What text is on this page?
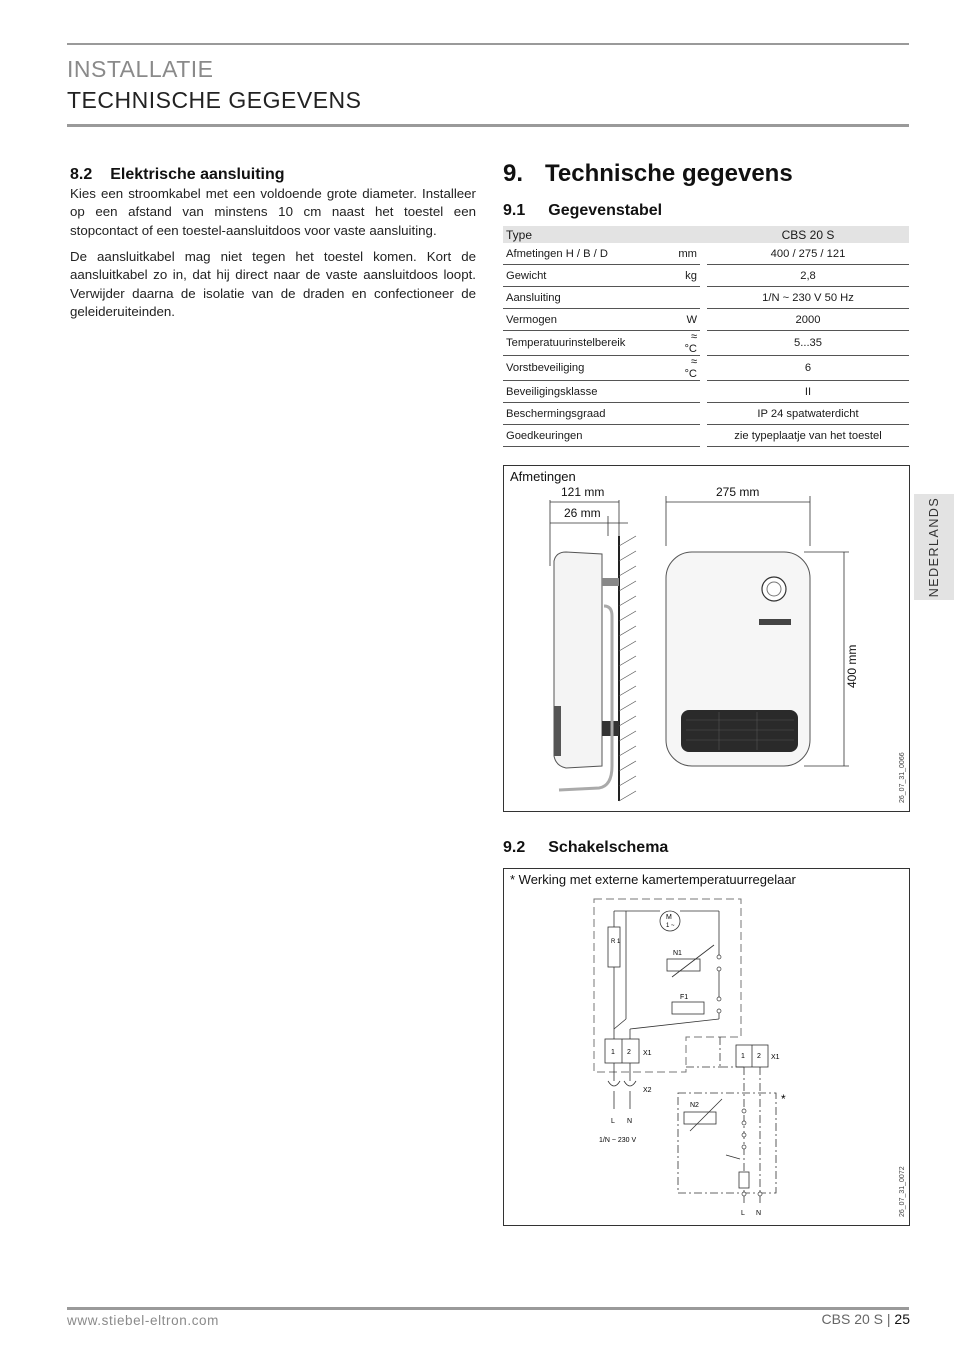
INSTALLATIE
TECHNISCHE GEGEVENS
8.2 Elektrische aansluiting
Kies een stroomkabel met een voldoende grote diameter. Installeer op een afstand van minstens 10 cm naast het toestel een stopcontact of een toestel-aansluitdoos voor vaste aansluiting.
De aansluitkabel mag niet tegen het toestel komen. Kort de aansluitkabel zo in, dat hij direct naar de vaste aansluitdoos loopt. Verwijder daarna de isolatie van de draden en confectioneer de geleideruiteinden.
9. Technische gegevens
9.1 Gegevenstabel
Type			CBS 20 S
Afmetingen H / B / D	mm		400 / 275 / 121
Gewicht	kg		2,8
Aansluiting			1/N ~ 230 V 50 Hz
Vermogen	W		2000
Temperatuurinstelbereik	≈ °C		5...35
Vorstbeveiliging	≈ °C		6
Beveiligingsklasse			II
Beschermingsgraad			IP 24 spatwaterdicht
Goedkeuringen			zie typeplaatje van het toestel
Afmetingen
121 mm
26 mm
275 mm
400 mm
26_07_31_0066
9.2 Schakelschema
* Werking met externe kamertemperatuurregelaar
M
1 ~
R 1
N1
F1
1 2 X1
X2
L N
1/N ~ 230 V
1 2 X1
*
N2
L N	26_07_31_0072
NEDERLANDS
www.stiebel-eltron.com	CBS 20 S | 25
